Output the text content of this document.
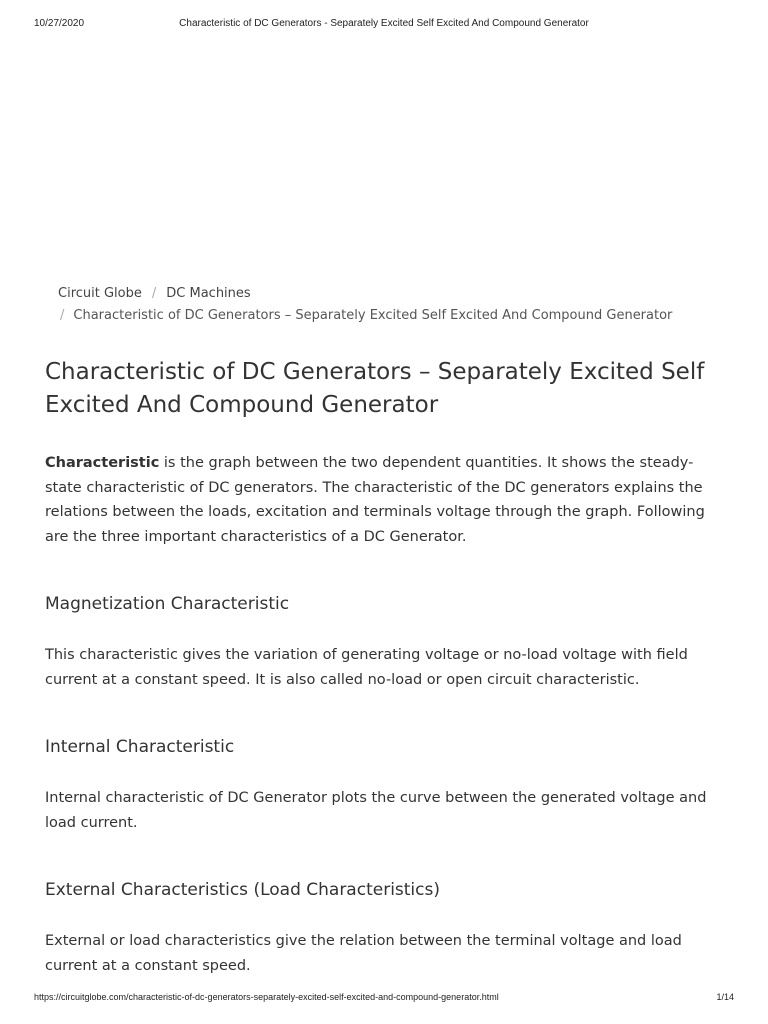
10/27/2020	Characteristic of DC Generators - Separately Excited Self Excited And Compound Generator
Circuit Globe / DC Machines
/ Characteristic of DC Generators – Separately Excited Self Excited And Compound Generator
Characteristic of DC Generators – Separately Excited Self Excited And Compound Generator

Characteristic is the graph between the two dependent quantities. It shows the steady-state characteristic of DC generators. The characteristic of the DC generators explains the relations between the loads, excitation and terminals voltage through the graph. Following are the three important characteristics of a DC Generator.

Magnetization Characteristic

This characteristic gives the variation of generating voltage or no-load voltage with field current at a constant speed. It is also called no-load or open circuit characteristic.

Internal Characteristic

Internal characteristic of DC Generator plots the curve between the generated voltage and load current.

External Characteristics (Load Characteristics)

External or load characteristics give the relation between the terminal voltage and load current at a constant speed.

https://circuitglobe.com/characteristic-of-dc-generators-separately-excited-self-excited-and-compound-generator.html	1/14
